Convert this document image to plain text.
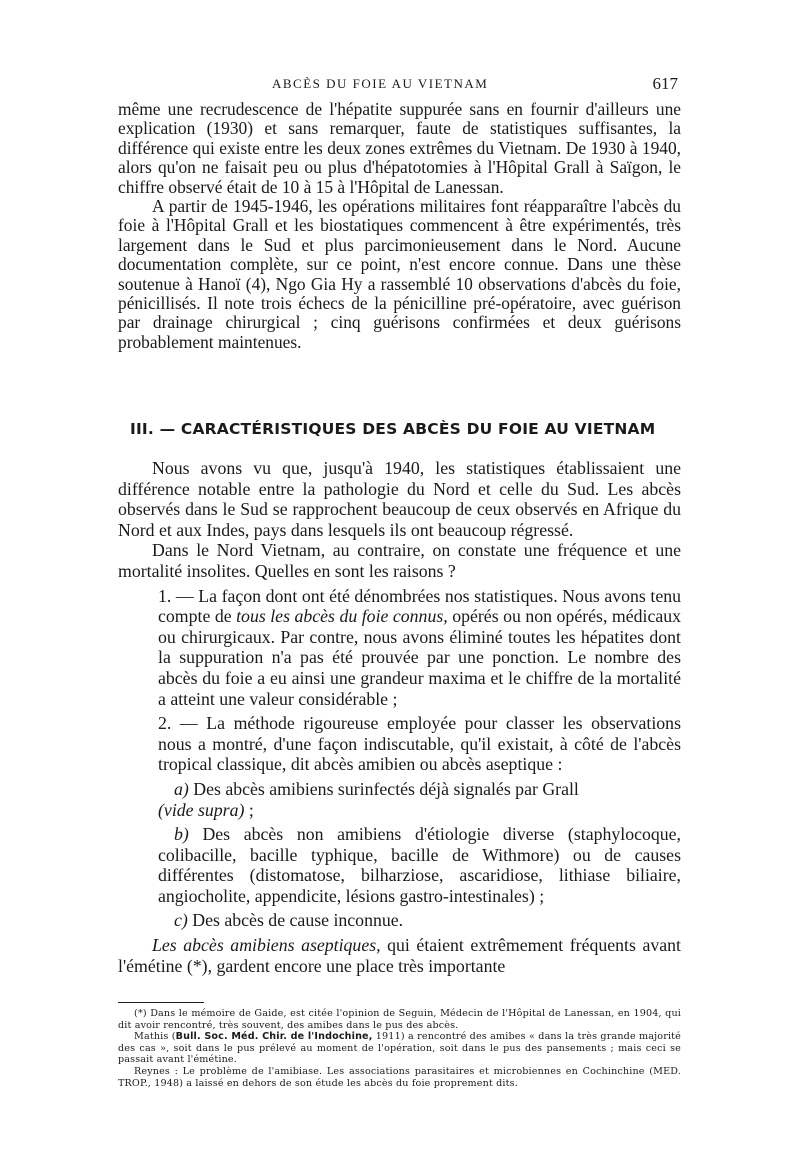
ABCÈS DU FOIE AU VIETNAM	617

même une recrudescence de l'hépatite suppurée sans en fournir d'ailleurs une explication (1930) et sans remarquer, faute de statistiques suffisantes, la différence qui existe entre les deux zones extrêmes du Vietnam. De 1930 à 1940, alors qu'on ne faisait peu ou plus d'hépatotomies à l'Hôpital Grall à Saïgon, le chiffre observé était de 10 à 15 à l'Hôpital de Lanessan.

A partir de 1945-1946, les opérations militaires font réapparaître l'abcès du foie à l'Hôpital Grall et les biostatiques commencent à être expérimentés, très largement dans le Sud et plus parcimonieusement dans le Nord. Aucune documentation complète, sur ce point, n'est encore connue. Dans une thèse soutenue à Hanoï (4), Ngo Gia Hy a rassemblé 10 observations d'abcès du foie, pénicillisés. Il note trois échecs de la pénicilline pré-opératoire, avec guérison par drainage chirurgical ; cinq guérisons confirmées et deux guérisons probablement maintenues.

III. — CARACTÉRISTIQUES DES ABCÈS DU FOIE AU VIETNAM

Nous avons vu que, jusqu'à 1940, les statistiques établissaient une différence notable entre la pathologie du Nord et celle du Sud. Les abcès observés dans le Sud se rapprochent beaucoup de ceux observés en Afrique du Nord et aux Indes, pays dans lesquels ils ont beaucoup régressé.

Dans le Nord Vietnam, au contraire, on constate une fréquence et une mortalité insolites. Quelles en sont les raisons ?

1. — La façon dont ont été dénombrées nos statistiques. Nous avons tenu compte de tous les abcès du foie connus, opérés ou non opérés, médicaux ou chirurgicaux. Par contre, nous avons éliminé toutes les hépatites dont la suppuration n'a pas été prouvée par une ponction. Le nombre des abcès du foie a eu ainsi une grandeur maxima et le chiffre de la mortalité a atteint une valeur considérable ;

2. — La méthode rigoureuse employée pour classer les observations nous a montré, d'une façon indiscutable, qu'il existait, à côté de l'abcès tropical classique, dit abcès amibien ou abcès aseptique :

a) Des abcès amibiens surinfectés déjà signalés par Grall
(vide supra) ;

b) Des abcès non amibiens d'étiologie diverse (staphylocoque, colibacille, bacille typhique, bacille de Withmore) ou de causes différentes (distomatose, bilharziose, ascaridiose, lithiase biliaire, angiocholite, appendicite, lésions gastro-intestinales) ;

c) Des abcès de cause inconnue.

Les abcès amibiens aseptiques, qui étaient extrêmement fréquents avant l'émétine (*), gardent encore une place très importante

(*) Dans le mémoire de Gaide, est citée l'opinion de Seguin, Médecin de l'Hôpital de Lanessan, en 1904, qui dit avoir rencontré, très souvent, des amibes dans le pus des abcès.

Mathis (Bull. Soc. Méd. Chir. de l'Indochine, 1911) a rencontré des amibes « dans la très grande majorité des cas », soit dans le pus prélevé au moment de l'opération, soit dans le pus des pansements ; mais ceci se passait avant l'émétine.

Reynes : Le problème de l'amibiase. Les associations parasitaires et microbiennes en Cochinchine (MED. TROP., 1948) a laissé en dehors de son étude les abcès du foie proprement dits.
